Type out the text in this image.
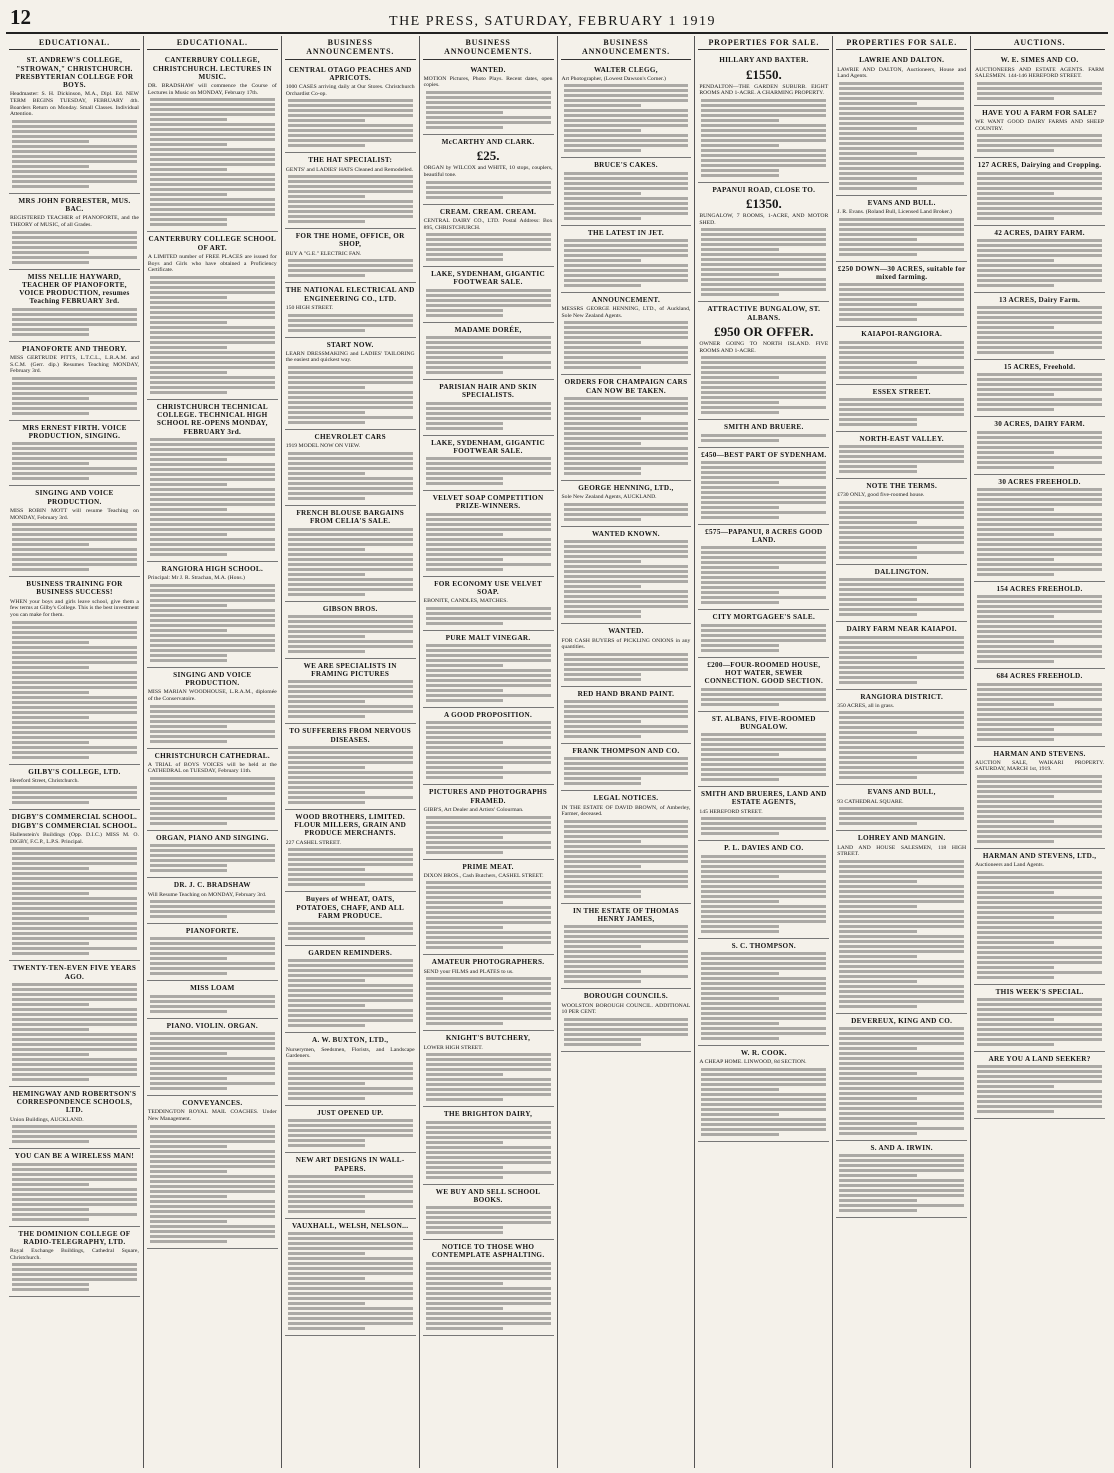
12	THE PRESS, SATURDAY, FEBRUARY 1 1919
EDUCATIONAL.
ST. ANDREW'S COLLEGE, "STROWAN," CHRISTCHURCH. PRESBYTERIAN COLLEGE FOR BOYS.
Headmaster: S. H. Dickinson, M.A., Dipl. Ed. NEW TERM BEGINS TUESDAY, FEBRUARY 4th. Boarders Return on Monday. Small Classes. Individual Attention.
MRS JOHN FORRESTER, MUS. BAC.
REGISTERED TEACHER of PIANOFORTE, and the THEORY of MUSIC, of all Grades.
MISS NELLIE HAYWARD, TEACHER OF PIANOFORTE, VOICE PRODUCTION, resumes Teaching FEBRUARY 3rd.
PIANOFORTE AND THEORY.
MISS GERTRUDE PITTS, L.T.C.L., L.R.A.M. and S.C.M. (Gerr. dip.) Resumes Teaching MONDAY, February 3rd.
MRS ERNEST FIRTH. VOICE PRODUCTION, SINGING.
SINGING AND VOICE PRODUCTION.
MISS ROBIN MOTT will resume Teaching on MONDAY, February 3rd.
BUSINESS TRAINING FOR BUSINESS SUCCESS!
WHEN your boys and girls leave school, give them a few terms at Gilby's College. This is the best investment you can make for them.
GILBY'S COLLEGE, LTD.
Hereford Street, Christchurch.
DIGBY'S COMMERCIAL SCHOOL. DIGBY'S COMMERCIAL SCHOOL.
Hallenstein's Buildings (Opp. D.I.C.) MISS M. O. DIGBY, F.C.P., L.P.S. Principal.
TWENTY-TEN-EVEN FIVE YEARS AGO.
HEMINGWAY AND ROBERTSON'S CORRESPONDENCE SCHOOLS, LTD.
Union Buildings, AUCKLAND.
YOU CAN BE A WIRELESS MAN!
THE DOMINION COLLEGE OF RADIO-TELEGRAPHY, LTD.
Royal Exchange Buildings, Cathedral Square, Christchurch.
EDUCATIONAL.
CANTERBURY COLLEGE, CHRISTCHURCH. LECTURES IN MUSIC.
DR. BRADSHAW will commence the Course of Lectures in Music on MONDAY, February 17th.
CANTERBURY COLLEGE SCHOOL OF ART.
A LIMITED number of FREE PLACES are issued for Boys and Girls who have obtained a Proficiency Certificate.
CHRISTCHURCH TECHNICAL COLLEGE. TECHNICAL HIGH SCHOOL RE-OPENS MONDAY, FEBRUARY 3rd.
RANGIORA HIGH SCHOOL.
Principal: Mr J. R. Strachan, M.A. (Hons.)
SINGING AND VOICE PRODUCTION.
MISS MARIAN WOODHOUSE, L.R.A.M., diplomée of the Conservatoire.
CHRISTCHURCH CATHEDRAL.
A TRIAL of BOYS VOICES will be held at the CATHEDRAL on TUESDAY, February 11th.
ORGAN, PIANO AND SINGING.
DR. J. C. BRADSHAW
Will Resume Teaching on MONDAY, February 3rd.
PIANOFORTE.
MISS LOAM
PIANO. VIOLIN. ORGAN.
CONVEYANCES.
TEDDINGTON ROYAL MAIL COACHES. Under New Management.
BUSINESS ANNOUNCEMENTS.
CENTRAL OTAGO PEACHES AND APRICOTS.
1000 CASES arriving daily at Our Stores. Christchurch Orchardist Co-op.
THE HAT SPECIALIST:
GENTS' and LADIES' HATS Cleaned and Remodelled.
FOR THE HOME, OFFICE, OR SHOP,
BUY A "G.E." ELECTRIC FAN.
THE NATIONAL ELECTRICAL AND ENGINEERING CO., LTD.
150 HIGH STREET.
START NOW.
LEARN DRESSMAKING and LADIES' TAILORING the easiest and quickest way.
CHEVROLET CARS
1919 MODEL NOW ON VIEW.
FRENCH BLOUSE BARGAINS FROM CELIA'S SALE.
GIBSON BROS.
WE ARE SPECIALISTS IN FRAMING PICTURES
TO SUFFERERS FROM NERVOUS DISEASES.
WOOD BROTHERS, LIMITED. FLOUR MILLERS, GRAIN AND PRODUCE MERCHANTS.
227 CASHEL STREET.
Buyers of WHEAT, OATS, POTATOES, CHAFF, AND ALL FARM PRODUCE.
GARDEN REMINDERS.
A. W. BUXTON, LTD.,
Nurserymen, Seedsmen, Florists, and Landscape Gardeners.
JUST OPENED UP.
NEW ART DESIGNS IN WALL-PAPERS.
VAUXHALL, WELSH, NELSON...
BUSINESS ANNOUNCEMENTS.
WANTED.
MOTION Pictures, Photo Plays. Recent dates, open copies.
McCARTHY AND CLARK.
£25.
ORGAN by WILCOX and WHITE, 10 stops, couplers, beautiful tone.
CREAM. CREAM. CREAM.
CENTRAL DAIRY CO., LTD. Postal Address: Box 895, CHRISTCHURCH.
LAKE, SYDENHAM, GIGANTIC FOOTWEAR SALE.
MADAME DORÉE,
PARISIAN HAIR AND SKIN SPECIALISTS.
LAKE, SYDENHAM, GIGANTIC FOOTWEAR SALE.
VELVET SOAP COMPETITION PRIZE-WINNERS.
FOR ECONOMY USE VELVET SOAP.
EBONITE, CANDLES, MATCHES.
PURE MALT VINEGAR.
A GOOD PROPOSITION.
PICTURES AND PHOTOGRAPHS FRAMED.
GIBB'S, Art Dealer and Artists' Colourman.
PRIME MEAT.
DIXON BROS., Cash Butchers, CASHEL STREET.
AMATEUR PHOTOGRAPHERS.
SEND your FILMS and PLATES to us.
KNIGHT'S BUTCHERY,
LOWER HIGH STREET.
THE BRIGHTON DAIRY,
WE BUY AND SELL SCHOOL BOOKS.
NOTICE TO THOSE WHO CONTEMPLATE ASPHALTING.
BUSINESS ANNOUNCEMENTS.
WALTER CLEGG,
Art Photographer, (Lowest Dawson's Corner.)
BRUCE'S CAKES.
THE LATEST IN JET.
ANNOUNCEMENT.
MESSRS GEORGE HENNING, LTD., of Auckland, Sole New Zealand Agents.
ORDERS FOR CHAMPAIGN CARS CAN NOW BE TAKEN.
GEORGE HENNING, LTD.,
Sole New Zealand Agents, AUCKLAND.
WANTED KNOWN.
WANTED.
FOR CASH BUYERS of PICKLING ONIONS in any quantities.
RED HAND BRAND PAINT.
FRANK THOMPSON AND CO.
LEGAL NOTICES.
IN THE ESTATE OF DAVID BROWN, of Amberley, Farmer, deceased.
IN THE ESTATE OF THOMAS HENRY JAMES,
BOROUGH COUNCILS.
WOOLSTON BOROUGH COUNCIL. ADDITIONAL 10 PER CENT.
PROPERTIES FOR SALE.
HILLARY AND BAXTER.
£1550.
PENDALTON—THE GARDEN SUBURB. EIGHT ROOMS AND 1-ACRE. A CHARMING PROPERTY.
PAPANUI ROAD, CLOSE TO.
£1350.
BUNGALOW, 7 ROOMS, 1-ACRE, AND MOTOR SHED.
ATTRACTIVE BUNGALOW, ST. ALBANS.
£950 OR OFFER.
OWNER GOING TO NORTH ISLAND. FIVE ROOMS AND 1-ACRE.
SMITH AND BRUERE.
£450—BEST PART OF SYDENHAM.
£575—PAPANUI, 8 ACRES GOOD LAND.
CITY MORTGAGEE'S SALE.
£200—FOUR-ROOMED HOUSE, HOT WATER, SEWER CONNECTION. GOOD SECTION.
ST. ALBANS, FIVE-ROOMED BUNGALOW.
SMITH AND BRUERES, LAND AND ESTATE AGENTS,
145 HEREFORD STREET.
P. L. DAVIES AND CO.
S. C. THOMPSON.
W. R. COOK.
A CHEAP HOME. LINWOOD, 8d SECTION.
PROPERTIES FOR SALE.
LAWRIE AND DALTON.
LAWRIE AND DALTON, Auctioneers, House and Land Agents.
EVANS AND BULL.
J. R. Evans. (Roland Bull, Licensed Land Broker.)
£250 DOWN—30 ACRES, suitable for mixed farming.
KAIAPOI-RANGIORA.
ESSEX STREET.
NORTH-EAST VALLEY.
NOTE THE TERMS.
£730 ONLY, good five-roomed house.
DALLINGTON.
DAIRY FARM NEAR KAIAPOI.
RANGIORA DISTRICT.
350 ACRES, all in grass.
EVANS AND BULL,
93 CATHEDRAL SQUARE.
LOHREY AND MANGIN.
LAND AND HOUSE SALESMEN, 118 HIGH STREET.
DEVEREUX, KING AND CO.
S. AND A. IRWIN.
AUCTIONS.
W. E. SIMES AND CO.
AUCTIONEERS AND ESTATE AGENTS. FARM SALESMEN. 144-146 HEREFORD STREET.
HAVE YOU A FARM FOR SALE?
WE WANT GOOD DAIRY FARMS AND SHEEP COUNTRY.
127 ACRES, Dairying and Cropping.
42 ACRES, DAIRY FARM.
13 ACRES, Dairy Farm.
15 ACRES, Freehold.
30 ACRES, DAIRY FARM.
30 ACRES FREEHOLD.
154 ACRES FREEHOLD.
684 ACRES FREEHOLD.
HARMAN AND STEVENS.
AUCTION SALE, WAIKARI PROPERTY. SATURDAY, MARCH 1st, 1919.
HARMAN AND STEVENS, LTD.,
Auctioneers and Land Agents.
THIS WEEK'S SPECIAL.
ARE YOU A LAND SEEKER?
